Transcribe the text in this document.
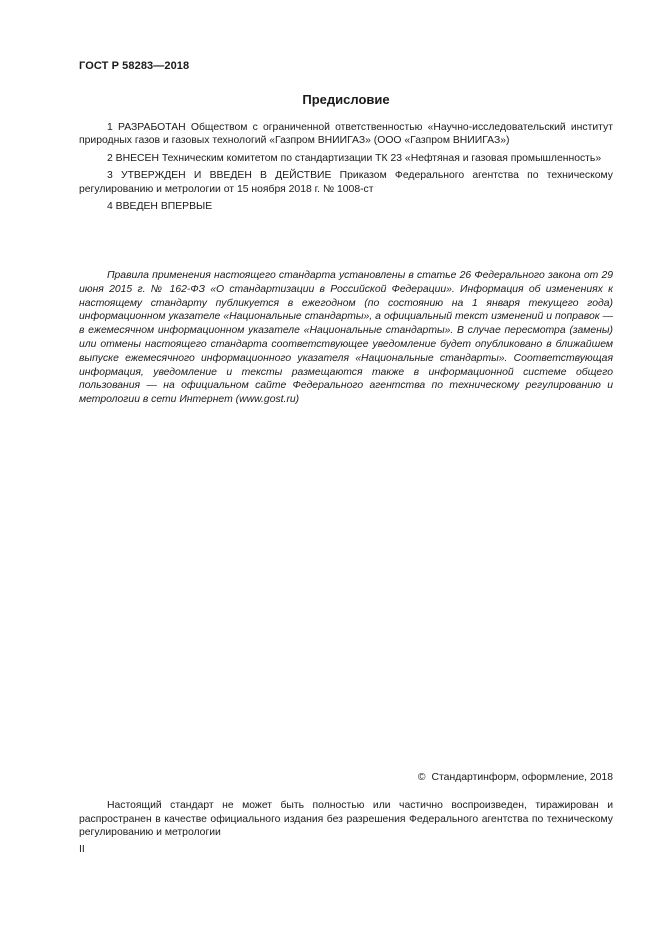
ГОСТ Р 58283—2018
Предисловие

1 РАЗРАБОТАН Обществом с ограниченной ответственностью «Научно-исследовательский институт природных газов и газовых технологий «Газпром ВНИИГАЗ» (ООО «Газпром ВНИИГАЗ»)

2 ВНЕСЕН Техническим комитетом по стандартизации ТК 23 «Нефтяная и газовая промышленность»

3 УТВЕРЖДЕН И ВВЕДЕН В ДЕЙСТВИЕ Приказом Федерального агентства по техническому регулированию и метрологии от 15 ноября 2018 г. № 1008-ст

4 ВВЕДЕН ВПЕРВЫЕ

Правила применения настоящего стандарта установлены в статье 26 Федерального закона от 29 июня 2015 г. № 162-ФЗ «О стандартизации в Российской Федерации». Информация об изменениях к настоящему стандарту публикуется в ежегодном (по состоянию на 1 января текущего года) информационном указателе «Национальные стандарты», а официальный текст изменений и поправок — в ежемесячном информационном указателе «Национальные стандарты». В случае пересмотра (замены) или отмены настоящего стандарта соответствующее уведомление будет опубликовано в ближайшем выпуске ежемесячного информационного указателя «Национальные стандарты». Соответствующая информация, уведомление и тексты размещаются также в информационной системе общего пользования — на официальном сайте Федерального агентства по техническому регулированию и метрологии в сети Интернет (www.gost.ru)

© Стандартинформ, оформление, 2018

Настоящий стандарт не может быть полностью или частично воспроизведен, тиражирован и распространен в качестве официального издания без разрешения Федерального агентства по техническому регулированию и метрологии

II
